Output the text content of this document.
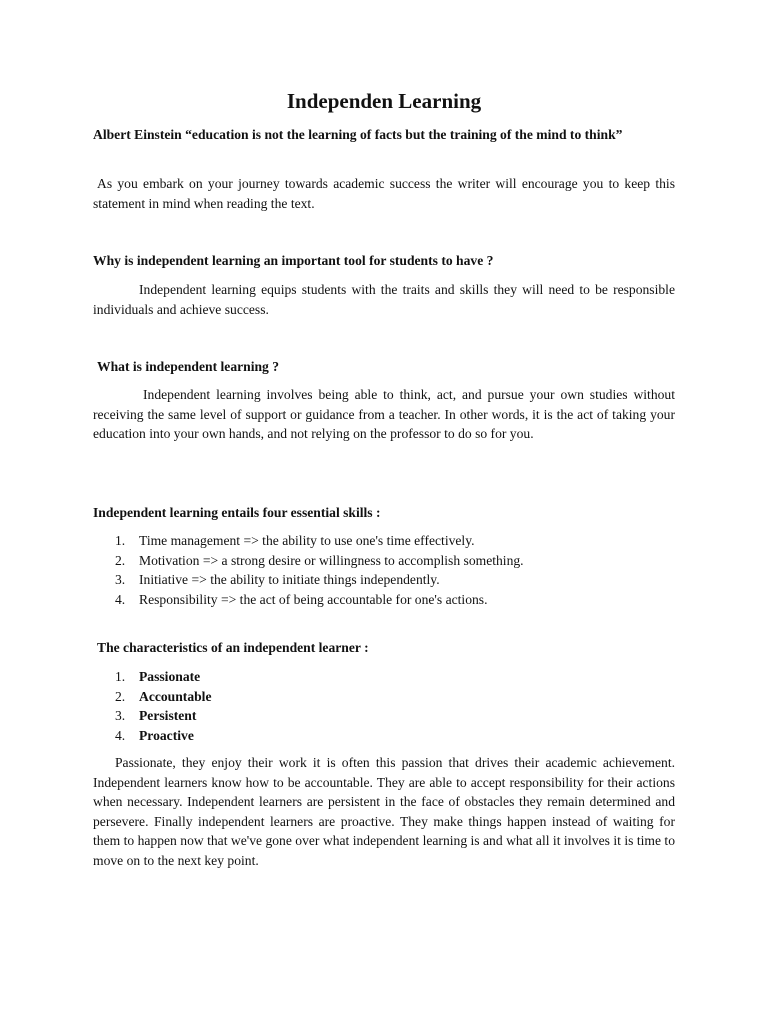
Independen Learning

Albert Einstein “education is not the learning of facts but the training of the mind to think”

As you embark on your journey towards academic success the writer will encourage you to keep this statement in mind when reading the text.

Why is independent learning an important tool for students to have ?

Independent learning equips students with the traits and skills they will need to be responsible individuals and achieve success.

What is independent learning ?

Independent learning involves being able to think, act, and pursue your own studies without receiving the same level of support or guidance from a teacher. In other words, it is the act of taking your education into your own hands, and not relying on the professor to do so for you.

Independent learning entails four essential skills :

1. Time management => the ability to use one's time effectively.
2. Motivation => a strong desire or willingness to accomplish something.
3. Initiative => the ability to initiate things independently.
4. Responsibility => the act of being accountable for one's actions.

The characteristics of an independent learner :

1. Passionate
2. Accountable
3. Persistent
4. Proactive

Passionate, they enjoy their work it is often this passion that drives their academic achievement. Independent learners know how to be accountable. They are able to accept responsibility for their actions when necessary. Independent learners are persistent in the face of obstacles they remain determined and persevere. Finally independent learners are proactive. They make things happen instead of waiting for them to happen now that we've gone over what independent learning is and what all it involves it is time to move on to the next key point.
